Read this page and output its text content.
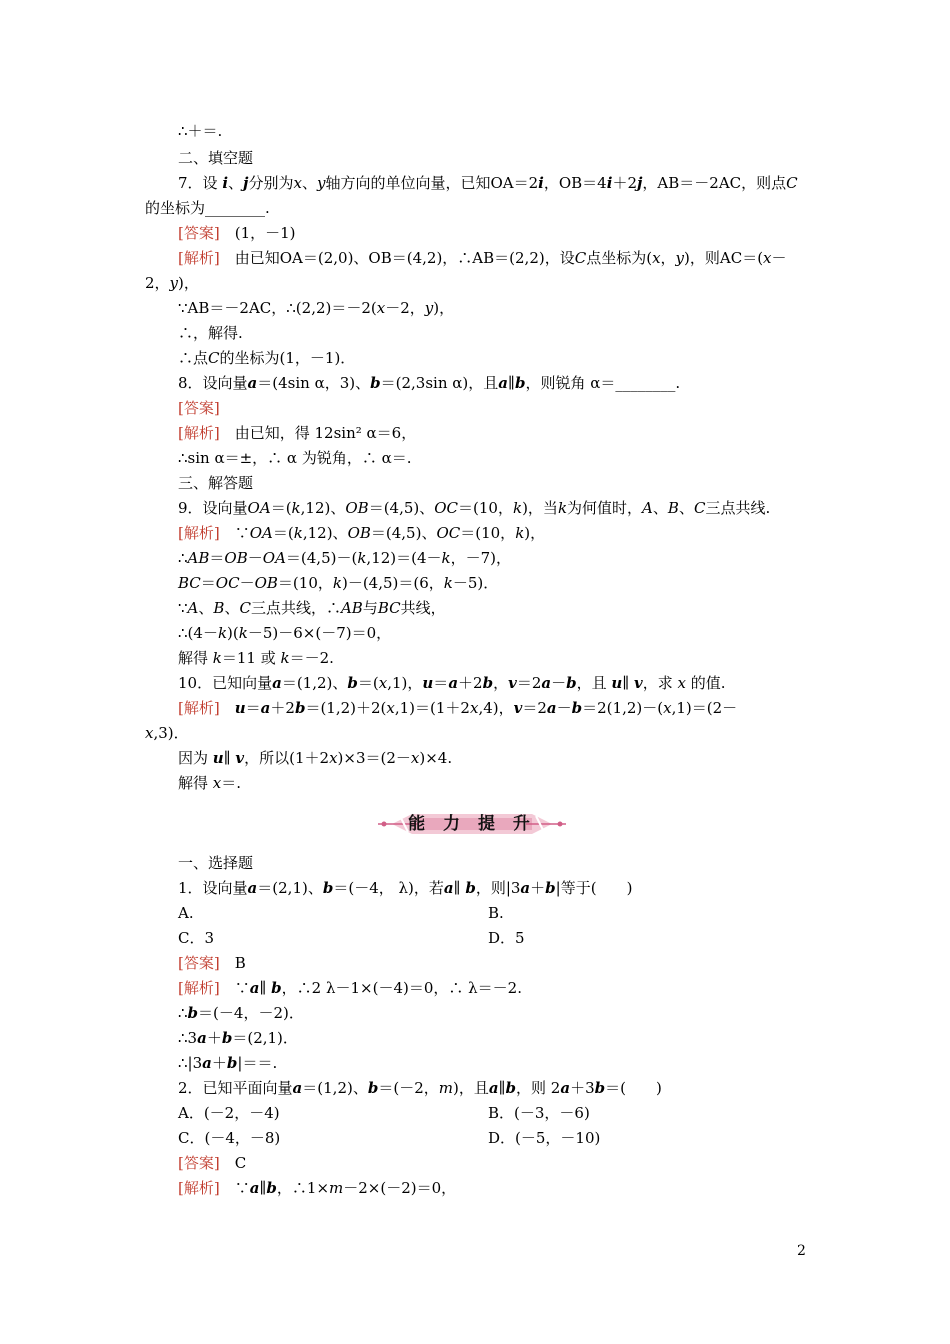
∴＋＝.
二、填空题
7．设 i、j分别为x、y轴方向的单位向量，已知OA＝2i，OB＝4i＋2j，AB＝－2AC，则点C
的坐标为________.
[答案]　 (1，－1)
[解析]　 由已知OA＝(2,0)、OB＝(4,2)，∴AB＝(2,2)，设C点坐标为(x，y)，则AC＝(x－
2，y)，
∵AB＝－2AC，∴(2,2)＝－2(x－2，y)，
∴，解得.
∴点C的坐标为(1，－1)．
8．设向量a＝(4sin α，3)、b＝(2,3sin α)，且a∥b，则锐角 α＝________.
[答案]
[解析]　 由已知，得 12sin² α＝6，
∴sin α＝±，∴ α 为锐角，∴ α＝.
三、解答题
9．设向量OA＝(k,12)、OB＝(4,5)、OC＝(10，k)，当k为何值时，A、B、C三点共线.
[解析]　 ∵OA＝(k,12)、OB＝(4,5)、OC＝(10，k)，
∴AB＝OB－OA＝(4,5)－(k,12)＝(4－k，－7)，
BC＝OC－OB＝(10，k)－(4,5)＝(6，k－5)．
∵A、B、C三点共线，∴AB与BC共线，
∴(4－k)(k－5)－6×(－7)＝0，
解得 k＝11 或 k＝－2.
10．已知向量a＝(1,2)、b＝(x,1)，u＝a＋2b，v＝2a－b，且 u∥ v，求 x 的值.
[解析]　 u＝a＋2b＝(1,2)＋2(x,1)＝(1＋2x,4)，v＝2a－b＝2(1,2)－(x,1)＝(2－
x,3)．
因为 u∥ v，所以(1＋2x)×3＝(2－x)×4.
解得 x＝.
能 力 提 升
一、选择题
1．设向量a＝(2,1)、b＝(－4， λ)，若a∥ b，则|3a＋b|等于(　　)
A.	B.
C．3	D．5
[答案]　 B
[解析]　∵a∥ b，∴2 λ－1×(－4)＝0，∴ λ＝－2.
∴b＝(－4，－2)．
∴3a＋b＝(2,1)．
∴|3a＋b|＝＝.
2．已知平面向量a＝(1,2)、b＝(－2，m)，且a∥b，则 2a＋3b＝(　　)
A．(－2，－4)	B．(－3，－6)
C．(－4，－8)	D．(－5，－10)
[答案]　 C
[解析]　∵a∥b，∴1×m－2×(－2)＝0，
2
